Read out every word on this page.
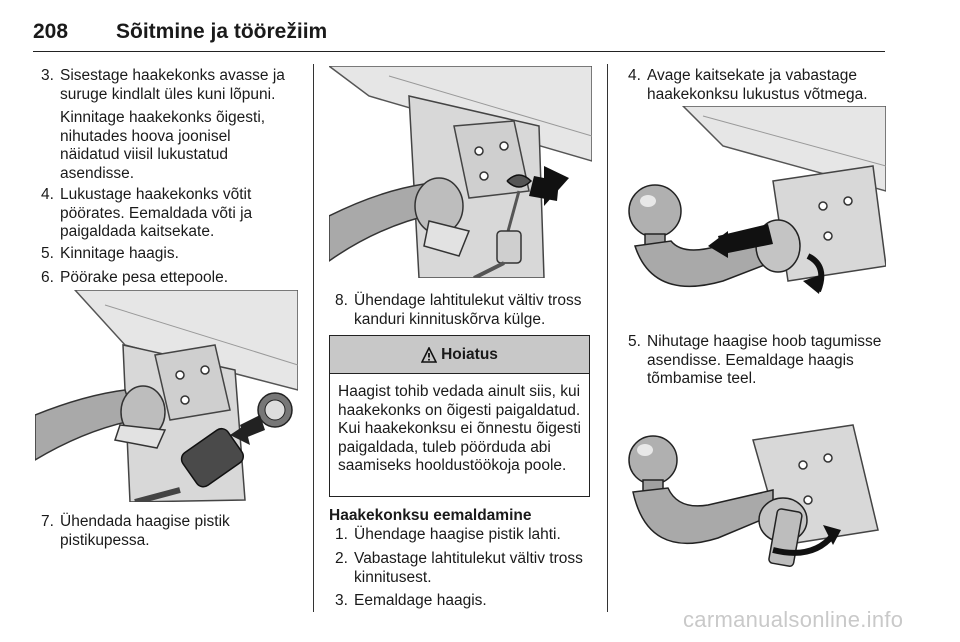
208 Sõitmine ja töörežiim
3. Sisestage haakekonks avasse ja suruge kindlalt üles kuni lõpuni.
Kinnitage haakekonks õigesti, nihutades hoova joonisel näidatud viisil lukustatud asendisse.
4. Lukustage haakekonks võtit pöörates. Eemaldada võti ja paigaldada kaitsekate.
5. Kinnitage haagis.
6. Pöörake pesa ettepoole.
7. Ühendada haagise pistik pistikupessa.
8. Ühendage lahtitulekut vältiv tross kanduri kinnituskõrva külge.
Hoiatus
Haagist tohib vedada ainult siis, kui haakekonks on õigesti paigaldatud. Kui haakekonksu ei õnnestu õigesti paigaldada, tuleb pöörduda abi saamiseks hooldustöökoja poole.
Haakekonksu eemaldamine
1. Ühendage haagise pistik lahti.
2. Vabastage lahtitulekut vältiv tross kinnitusest.
3. Eemaldage haagis.
4. Avage kaitsekate ja vabastage haakekonksu lukustus võtmega.
5. Nihutage haagise hoob tagumisse asendisse. Eemaldage haagis tõmbamise teel.
carmanualsonline.info
